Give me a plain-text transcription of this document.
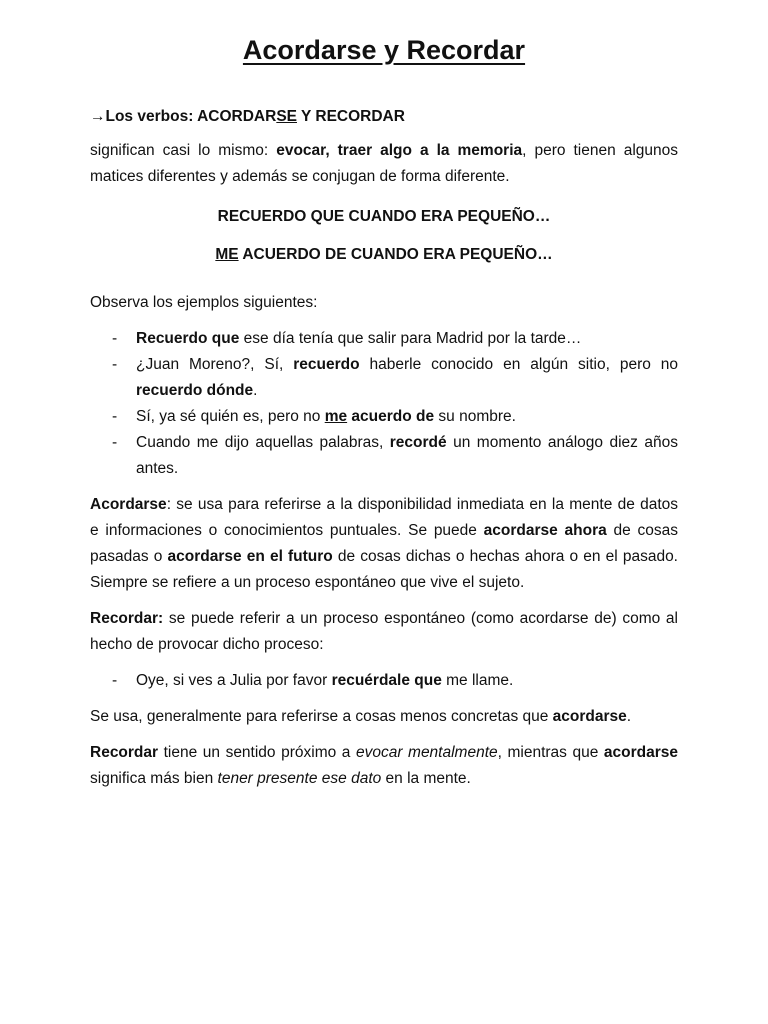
Acordarse y Recordar
→Los verbos: ACORDARSE Y RECORDAR

significan casi lo mismo: evocar, traer algo a la memoria, pero tienen algunos matices diferentes y además se conjugan de forma diferente.

RECUERDO QUE CUANDO ERA PEQUEÑO…
ME ACUERDO DE CUANDO ERA PEQUEÑO…

Observa los ejemplos siguientes:

- Recuerdo que ese día tenía que salir para Madrid por la tarde…
- ¿Juan Moreno?, Sí, recuerdo haberle conocido en algún sitio, pero no recuerdo dónde.
- Sí, ya sé quién es, pero no me acuerdo de su nombre.
- Cuando me dijo aquellas palabras, recordé un momento análogo diez años antes.

Acordarse: se usa para referirse a la disponibilidad inmediata en la mente de datos e informaciones o conocimientos puntuales. Se puede acordarse ahora de cosas pasadas o acordarse en el futuro de cosas dichas o hechas ahora o en el pasado. Siempre se refiere a un proceso espontáneo que vive el sujeto.

Recordar: se puede referir a un proceso espontáneo (como acordarse de) como al hecho de provocar dicho proceso:

- Oye, si ves a Julia por favor recuérdale que me llame.

Se usa, generalmente para referirse a cosas menos concretas que acordarse.

Recordar tiene un sentido próximo a evocar mentalmente, mientras que acordarse significa más bien tener presente ese dato en la mente.
